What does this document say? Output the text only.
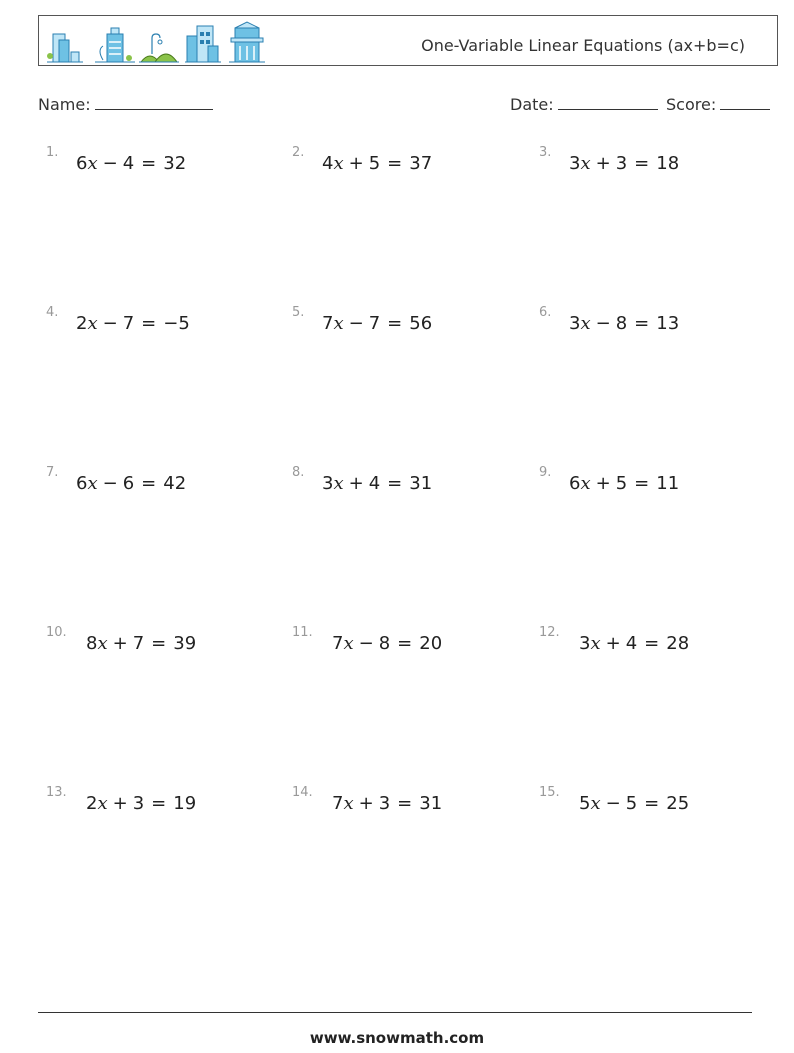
One-Variable Linear Equations (ax+b=c)
Name:	Date:	Score:
1.
6x − 4 = 32
2.
4x + 5 = 37
3.
3x + 3 = 18
4.
2x − 7 = −5
5.
7x − 7 = 56
6.
3x − 8 = 13
7.
6x − 6 = 42
8.
3x + 4 = 31
9.
6x + 5 = 11
10.
8x + 7 = 39
11.
7x − 8 = 20
12.
3x + 4 = 28
13.
2x + 3 = 19
14.
7x + 3 = 31
15.
5x − 5 = 25
www.snowmath.com
